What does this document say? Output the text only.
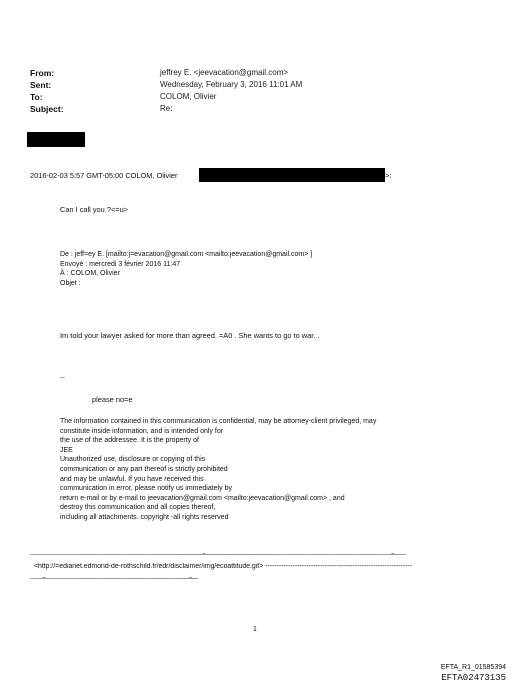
From:	jeffrey E. <jeevacation@gmail.com>
Sent:	Wednesday, February 3, 2016 11:01 AM
To:	COLOM, Olivier
Subject:	Re:
2016-02-03 5:57 GMT-05:00 COLOM, Olivier	>:
Can I call you ?<=u>
De : jeff=ey E. [mailto:j=evacation@gmail.com <mailto:jeevacation@gmail.com> ]
Envoyé : mercredi 3 février 2016 11:47
À : COLOM, Olivier
Objet :
Im told your lawyer asked for more than agreed. =A0 . She wants to go to war. .
--
please no=e
The information contained in this communication is confidential, may be attorney-client privileged, may
constitute inside information, and is intended only for
the use of the addressee. It is the property of
JEE
Unauthorized use, disclosure or copying of this
communication or any part thereof is strictly prohibited
and may be unlawful. If you have received this
communication in error, please notify us immediately by
return e-mail or by e-mail to jeevacation@gmail.com <mailto:jeevacation@gmail.com> , and
destroy this communication and all copies thereof,
including all attachments. copyright -all rights reserved
-------------------------------------------------------------------------------------------------------------------=----------------------------------------------------------------------------------------------------------------------------=--------
<http://=edianet.edmond-de-rothschild.fr/edr/disclaimer/img/ecoattitude.gif> ----------------------------------------------------------------
--------=------------------------------------------------------------------------------------------------=----
1
EFTA_R1_01585394
EFTA02473135
